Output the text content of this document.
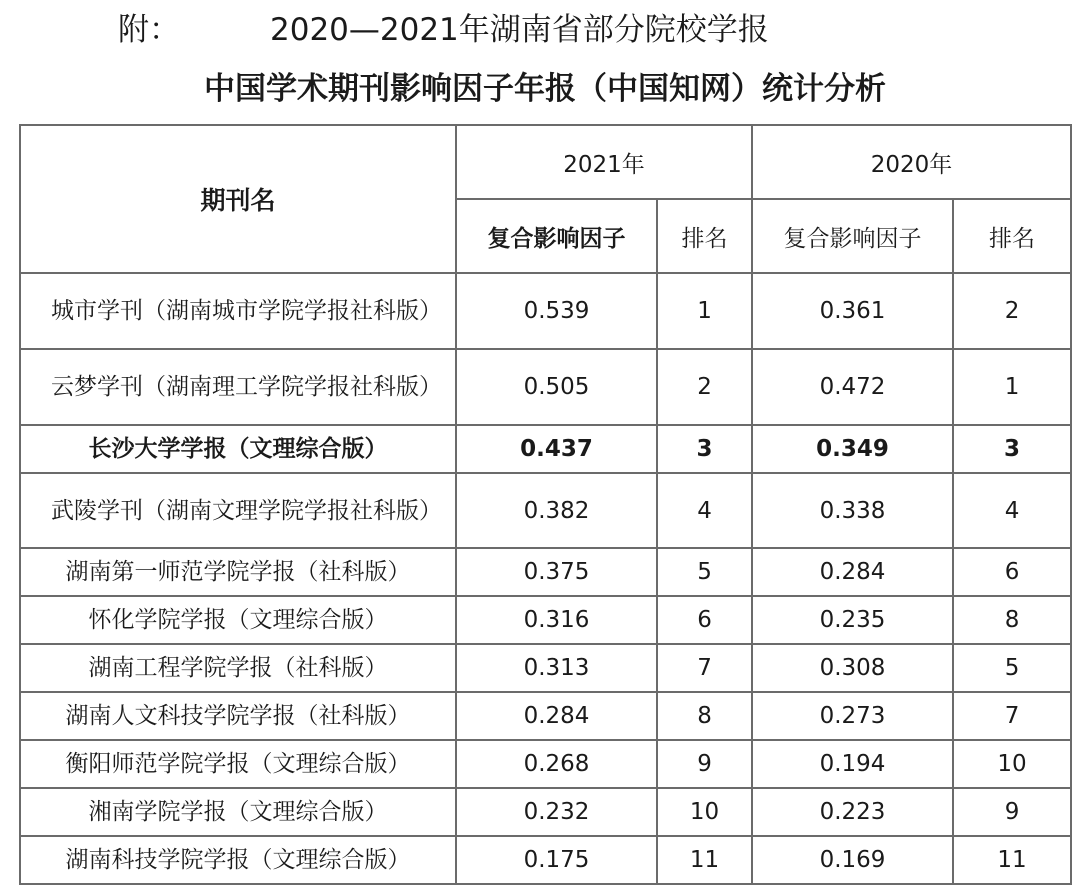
附：	2020—2021年湖南省部分院校学报
中国学术期刊影响因子年报（中国知网）统计分析
期刊名	2021年		2020年	
	复合影响因子	排名	复合影响因子	排名
城市学刊（湖南城市学院学报社科版）	0.539	1	0.361	2
云梦学刊（湖南理工学院学报社科版）	0.505	2	0.472	1
长沙大学学报（文理综合版）	0.437	3	0.349	3
武陵学刊（湖南文理学院学报社科版）	0.382	4	0.338	4
湖南第一师范学院学报（社科版）	0.375	5	0.284	6
怀化学院学报（文理综合版）	0.316	6	0.235	8
湖南工程学院学报（社科版）	0.313	7	0.308	5
湖南人文科技学院学报（社科版）	0.284	8	0.273	7
衡阳师范学院学报（文理综合版）	0.268	9	0.194	10
湘南学院学报（文理综合版）	0.232	10	0.223	9
湖南科技学院学报（文理综合版）	0.175	11	0.169	11
